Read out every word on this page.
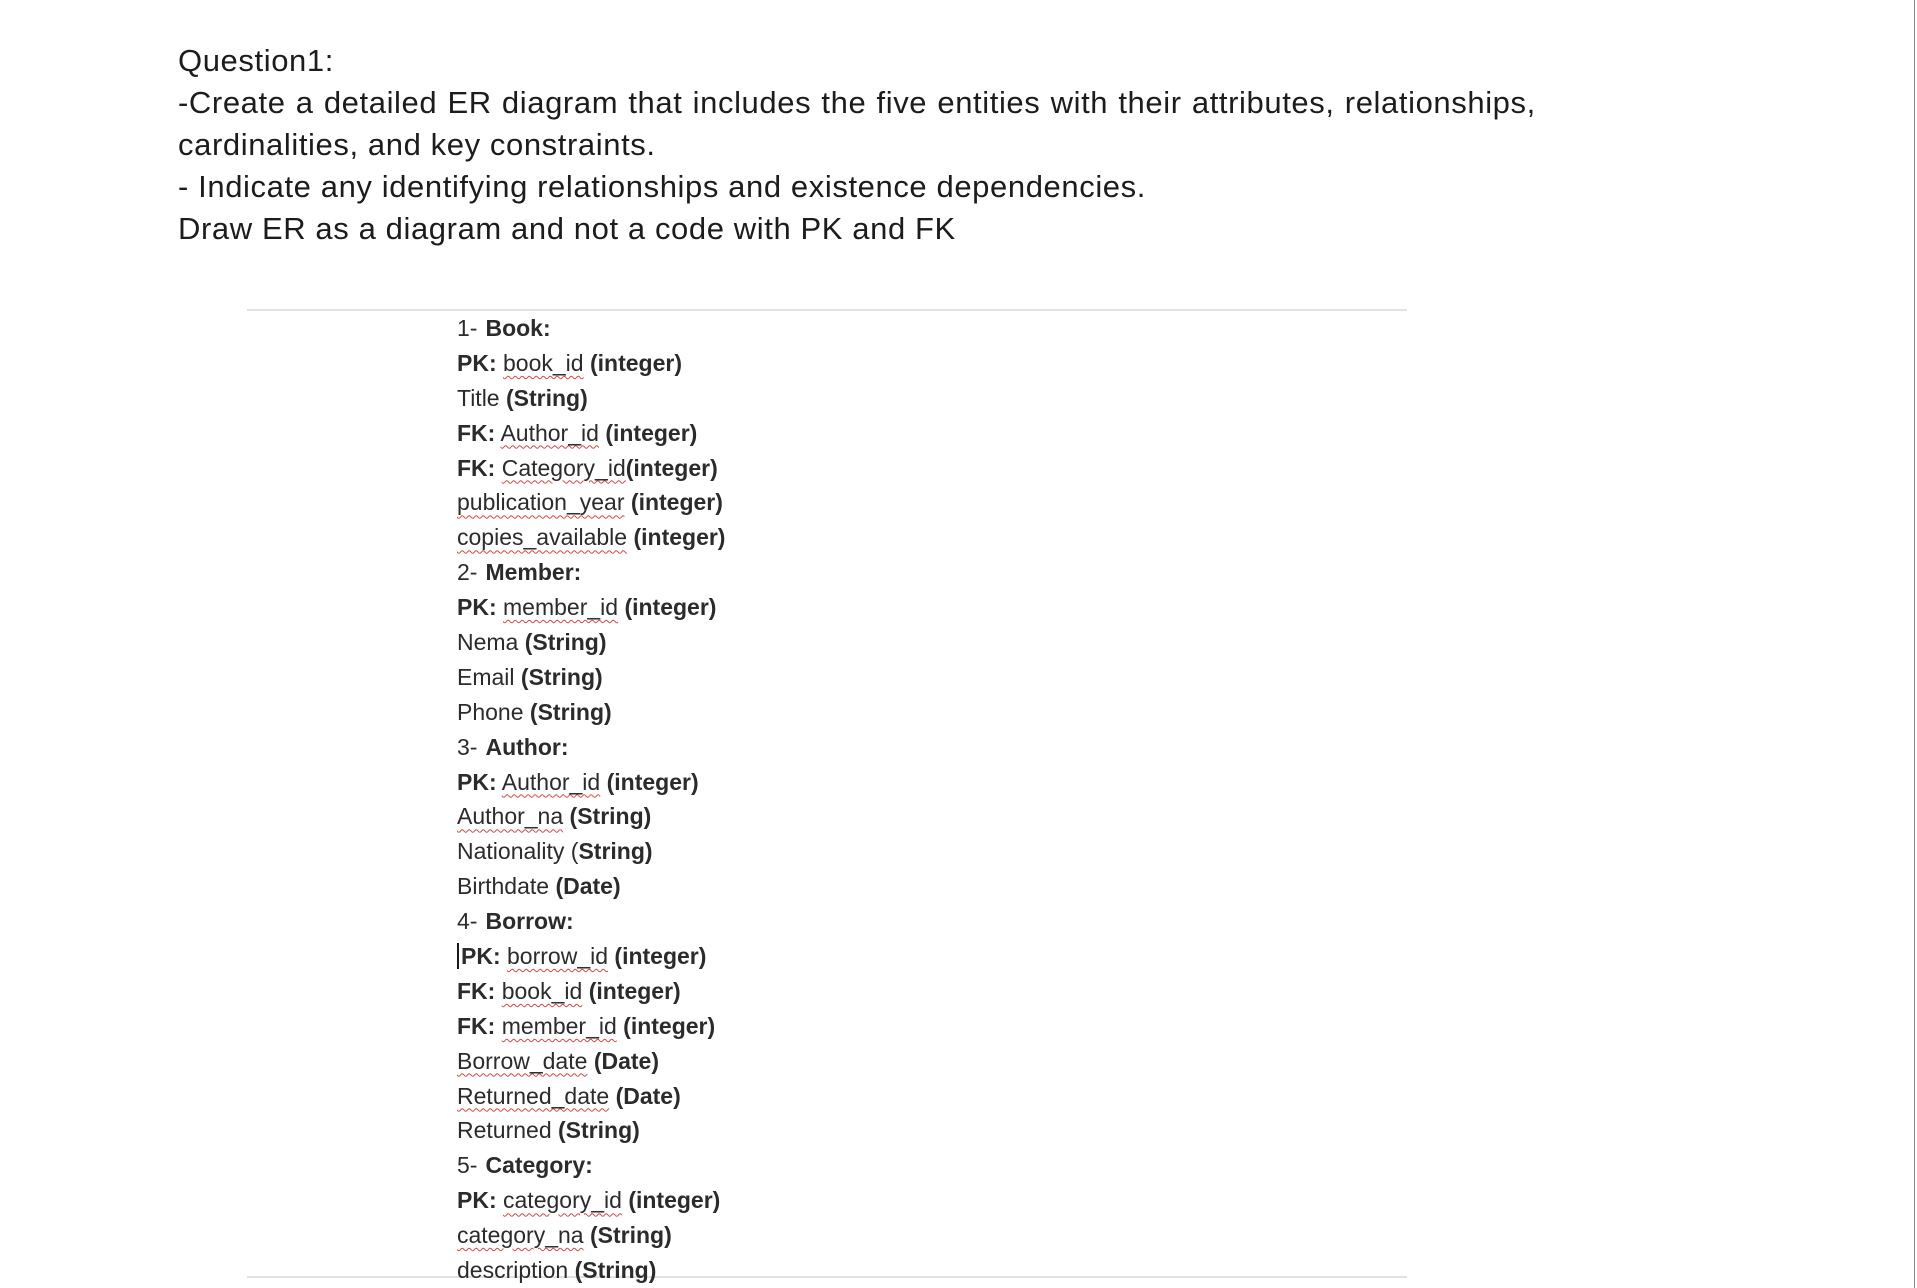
Question1:
-Create a detailed ER diagram that includes the five entities with their attributes, relationships,
cardinalities, and key constraints.
- Indicate any identifying relationships and existence dependencies.
Draw ER as a diagram and not a code with PK and FK
1- Book:
PK: book_id (integer)
Title (String)
FK: Author_id (integer)
FK: Category_id(integer)
publication_year (integer)
copies_available (integer)
2- Member:
PK: member_id (integer)
Nema (String)
Email (String)
Phone (String)
3- Author:
PK: Author_id (integer)
Author_na (String)
Nationality (String)
Birthdate (Date)
4- Borrow:
PK: borrow_id (integer)
FK: book_id (integer)
FK: member_id (integer)
Borrow_date (Date)
Returned_date (Date)
Returned (String)
5- Category:
PK: category_id (integer)
category_na (String)
description (String)
